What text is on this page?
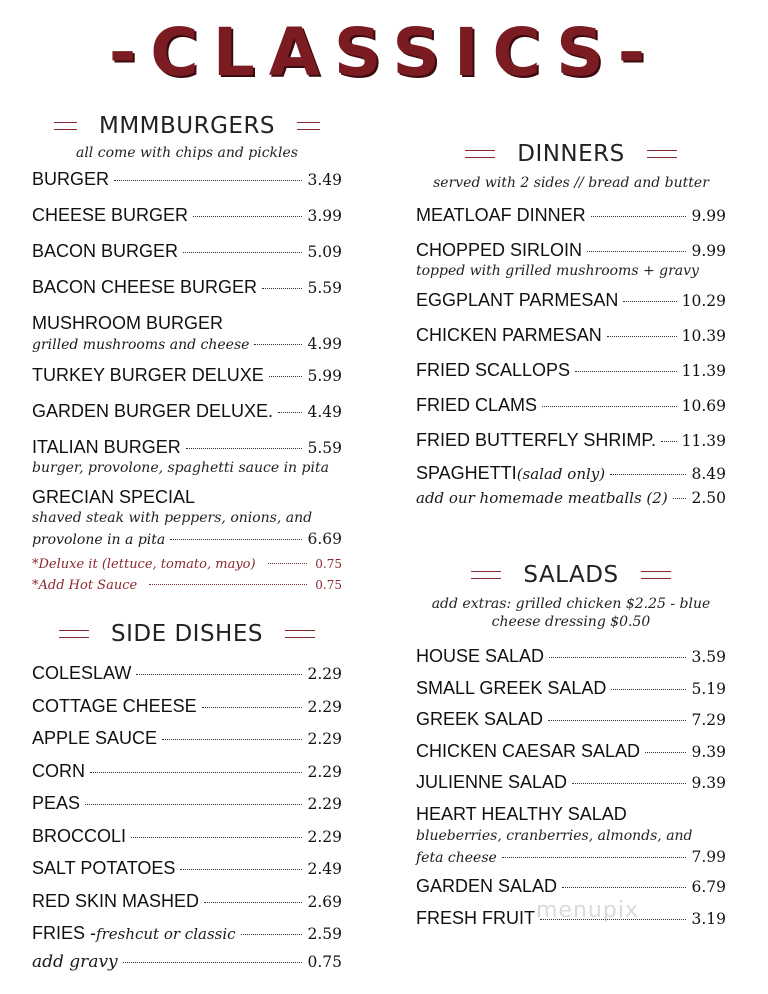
-CLASSICS-
MMMBURGERS
all come with chips and pickles
BURGER	3.49
CHEESE BURGER	3.99
BACON BURGER	5.09
BACON CHEESE BURGER	5.59
MUSHROOM BURGER
grilled mushrooms and cheese	4.99
TURKEY BURGER DELUXE	5.99
GARDEN BURGER DELUXE. 4.49
ITALIAN BURGER	5.59
burger, provolone, spaghetti sauce in pita
GRECIAN SPECIAL
shaved steak with peppers, onions, and
provolone in a pita	6.69
*Deluxe it (lettuce, tomato, mayo)	0.75
*Add Hot Sauce	0.75
SIDE DISHES
COLESLAW	2.29
COTTAGE CHEESE	2.29
APPLE SAUCE	2.29
CORN	2.29
PEAS	2.29
BROCCOLI	2.29
SALT POTATOES	2.49
RED SKIN MASHED	2.69
FRIES - freshcut or classic	2.59
add gravy	0.75
DINNERS
served with 2 sides // bread and butter
MEATLOAF DINNER	9.99
CHOPPED SIRLOIN	9.99
topped with grilled mushrooms + gravy
EGGPLANT PARMESAN	10.29
CHICKEN PARMESAN	10.39
FRIED SCALLOPS	11.39
FRIED CLAMS	10.69
FRIED BUTTERFLY SHRIMP. 11.39
SPAGHETTI (salad only)	8.49
add our homemade meatballs (2) 2.50
SALADS
add extras: grilled chicken $2.25 - blue cheese dressing $0.50
HOUSE SALAD	3.59
SMALL GREEK SALAD	5.19
GREEK SALAD	7.29
CHICKEN CAESAR SALAD	9.39
JULIENNE SALAD	9.39
HEART HEALTHY SALAD
blueberries, cranberries, almonds, and
feta cheese	7.99
GARDEN SALAD	6.79
FRESH FRUIT	3.19
menupix
